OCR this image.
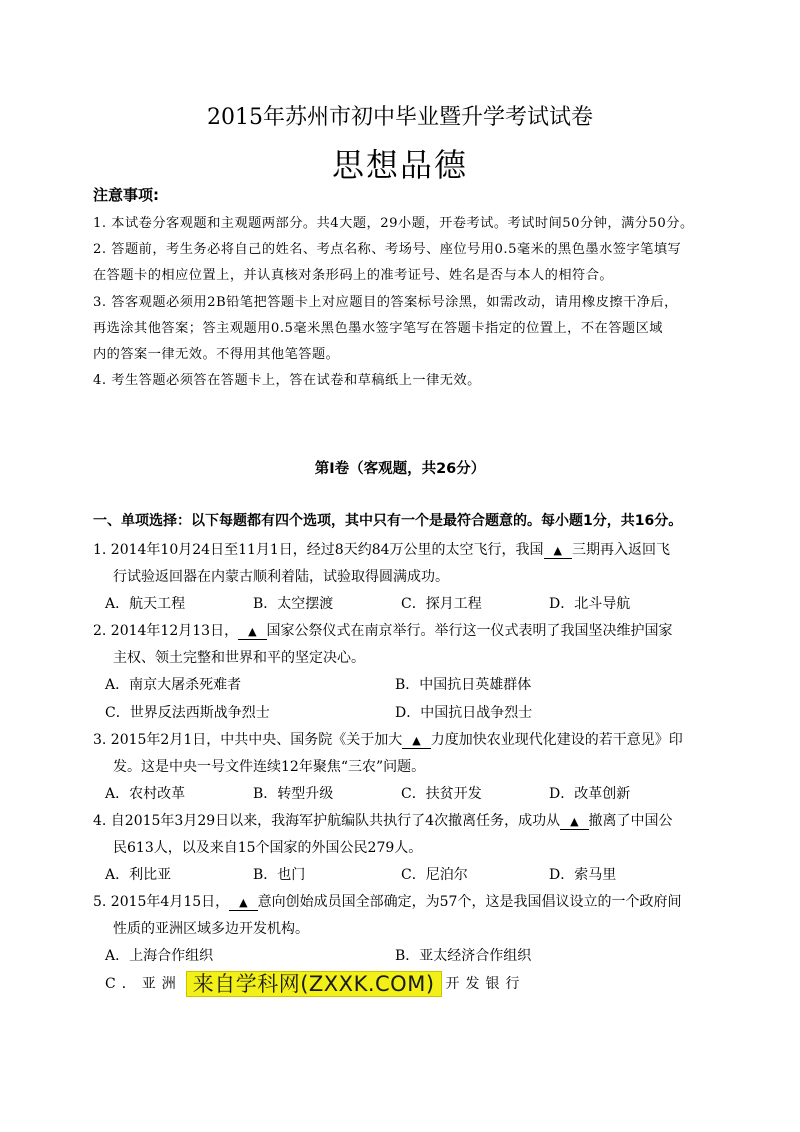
2015年苏州市初中毕业暨升学考试试卷
思想品德
注意事项:

1. 本试卷分客观题和主观题两部分。共4大题，29小题，开卷考试。考试时间50分钟，满分50分。

2. 答题前，考生务必将自己的姓名、考点名称、考场号、座位号用0.5毫米的黑色墨水签字笔填写

在答题卡的相应位置上，并认真核对条形码上的准考证号、姓名是否与本人的相符合。

3. 答客观题必须用2B铅笔把答题卡上对应题目的答案标号涂黑，如需改动，请用橡皮擦干净后，

再选涂其他答案；答主观题用0.5毫米黑色墨水签字笔写在答题卡指定的位置上，不在答题区域

内的答案一律无效。不得用其他笔答题。

4. 考生答题必须答在答题卡上，答在试卷和草稿纸上一律无效。

第Ⅰ卷（客观题，共26分）
一、单项选择：以下每题都有四个选项，其中只有一个是最符合题意的。每小题1分，共16分。
1. 2014年10月24日至11月1日，经过8天约84万公里的太空飞行，我国 ▲ 三期再入返回飞
行试验返回器在内蒙古顺利着陆，试验取得圆满成功。
A．航天工程	B．太空摆渡	C．探月工程	D．北斗导航
2. 2014年12月13日， ▲ 国家公祭仪式在南京举行。举行这一仪式表明了我国坚决维护国家
主权、领土完整和世界和平的坚定决心。
A．南京大屠杀死难者	B．中国抗日英雄群体
C．世界反法西斯战争烈士	D．中国抗日战争烈士
3. 2015年2月1日，中共中央、国务院《关于加大 ▲ 力度加快农业现代化建设的若干意见》印
发。这是中央一号文件连续12年聚焦“三农”问题。
A．农村改革	B．转型升级	C．扶贫开发	D．改革创新
4. 自2015年3月29日以来，我海军护航编队共执行了4次撤离任务，成功从 ▲ 撤离了中国公
民613人，以及来自15个国家的外国公民279人。
A．利比亚	B．也门	C．尼泊尔	D．索马里
5. 2015年4月15日， ▲ 意向创始成员国全部确定，为57个，这是我国倡议设立的一个政府间
性质的亚洲区域多边开发机构。
A．上海合作组织	B．亚太经济合作组织
C．亚洲 来自学科网(ZXXK.COM) 开发银行
